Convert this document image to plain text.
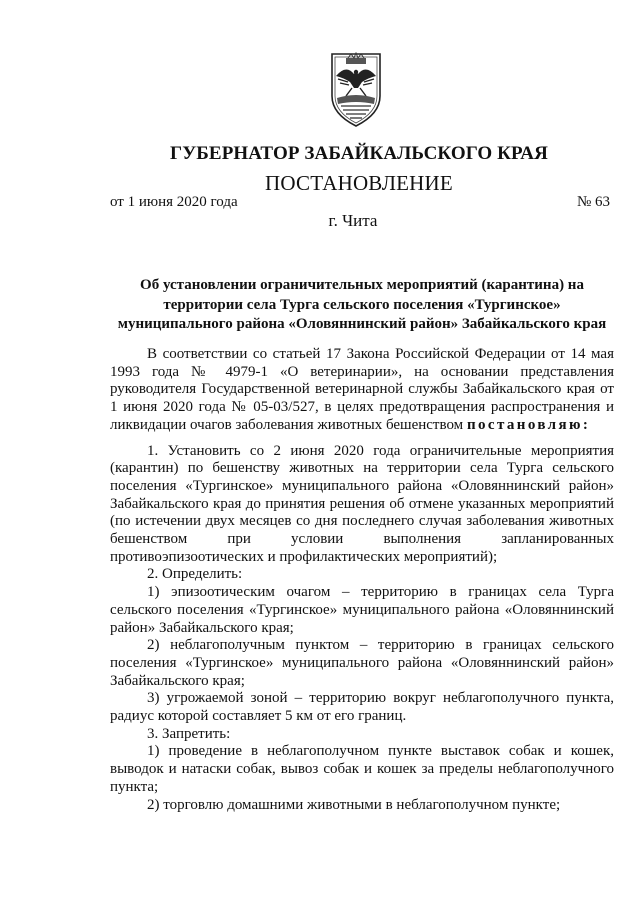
ГУБЕРНАТОР ЗАБАЙКАЛЬСКОГО КРАЯ
ПОСТАНОВЛЕНИЕ
от 1 июня 2020 года	№ 63
г. Чита
Об установлении ограничительных мероприятий (карантина) на
территории села Турга сельского поселения «Тургинское»
муниципального района «Оловяннинский район» Забайкальского края

В соответствии со статьей 17 Закона Российской Федерации от 14 мая 1993 года № 4979-1 «О ветеринарии», на основании представления руководителя Государственной ветеринарной службы Забайкальского края от 1 июня 2020 года № 05-03/527, в целях предотвращения распространения и ликвидации очагов заболевания животных бешенством постановляю:

1. Установить со 2 июня 2020 года ограничительные мероприятия (карантин) по бешенству животных на территории села Турга сельского поселения «Тургинское» муниципального района «Оловяннинский район» Забайкальского края до принятия решения об отмене указанных мероприятий (по истечении двух месяцев со дня последнего случая заболевания животных бешенством при условии выполнения запланированных противоэпизоотических и профилактических мероприятий);

2. Определить:

1) эпизоотическим очагом – территорию в границах села Турга сельского поселения «Тургинское» муниципального района «Оловяннинский район» Забайкальского края;

2) неблагополучным пунктом – территорию в границах сельского поселения «Тургинское» муниципального района «Оловяннинский район» Забайкальского края;

3) угрожаемой зоной – территорию вокруг неблагополучного пункта, радиус которой составляет 5 км от его границ.

3. Запретить:

1) проведение в неблагополучном пункте выставок собак и кошек, выводок и натаски собак, вывоз собак и кошек за пределы неблагополучного пункта;

2) торговлю домашними животными в неблагополучном пункте;
